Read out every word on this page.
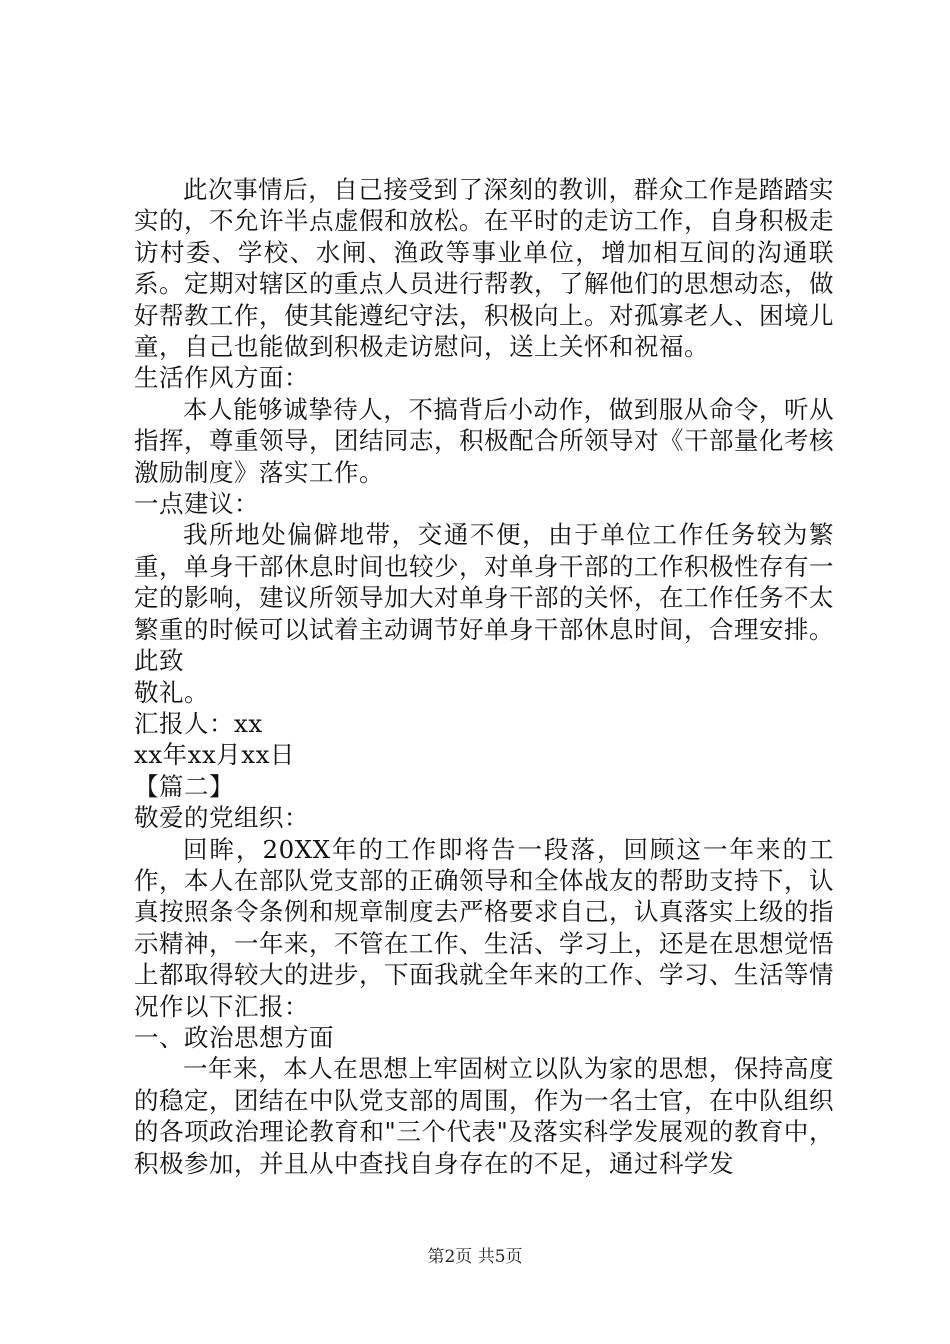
此次事情后，自己接受到了深刻的教训，群众工作是踏踏实实的，不允许半点虚假和放松。在平时的走访工作，自身积极走访村委、学校、水闸、渔政等事业单位，增加相互间的沟通联系。定期对辖区的重点人员进行帮教，了解他们的思想动态，做好帮教工作，使其能遵纪守法，积极向上。对孤寡老人、困境儿童，自己也能做到积极走访慰问，送上关怀和祝福。

生活作风方面：

本人能够诚挚待人，不搞背后小动作，做到服从命令，听从指挥，尊重领导，团结同志，积极配合所领导对《干部量化考核激励制度》落实工作。

一点建议：

我所地处偏僻地带，交通不便，由于单位工作任务较为繁重，单身干部休息时间也较少，对单身干部的工作积极性存有一定的影响，建议所领导加大对单身干部的关怀，在工作任务不太繁重的时候可以试着主动调节好单身干部休息时间，合理安排。

此致

敬礼。

汇报人：xx

xx年xx月xx日

【篇二】

敬爱的党组织：

回眸，20XX年的工作即将告一段落，回顾这一年来的工作，本人在部队党支部的正确领导和全体战友的帮助支持下，认真按照条令条例和规章制度去严格要求自己，认真落实上级的指示精神，一年来，不管在工作、生活、学习上，还是在思想觉悟上都取得较大的进步，下面我就全年来的工作、学习、生活等情况作以下汇报：

一、政治思想方面

一年来，本人在思想上牢固树立以队为家的思想，保持高度的稳定，团结在中队党支部的周围，作为一名士官，在中队组织的各项政治理论教育和"三个代表"及落实科学发展观的教育中，积极参加，并且从中查找自身存在的不足，通过科学发

第2页 共5页
